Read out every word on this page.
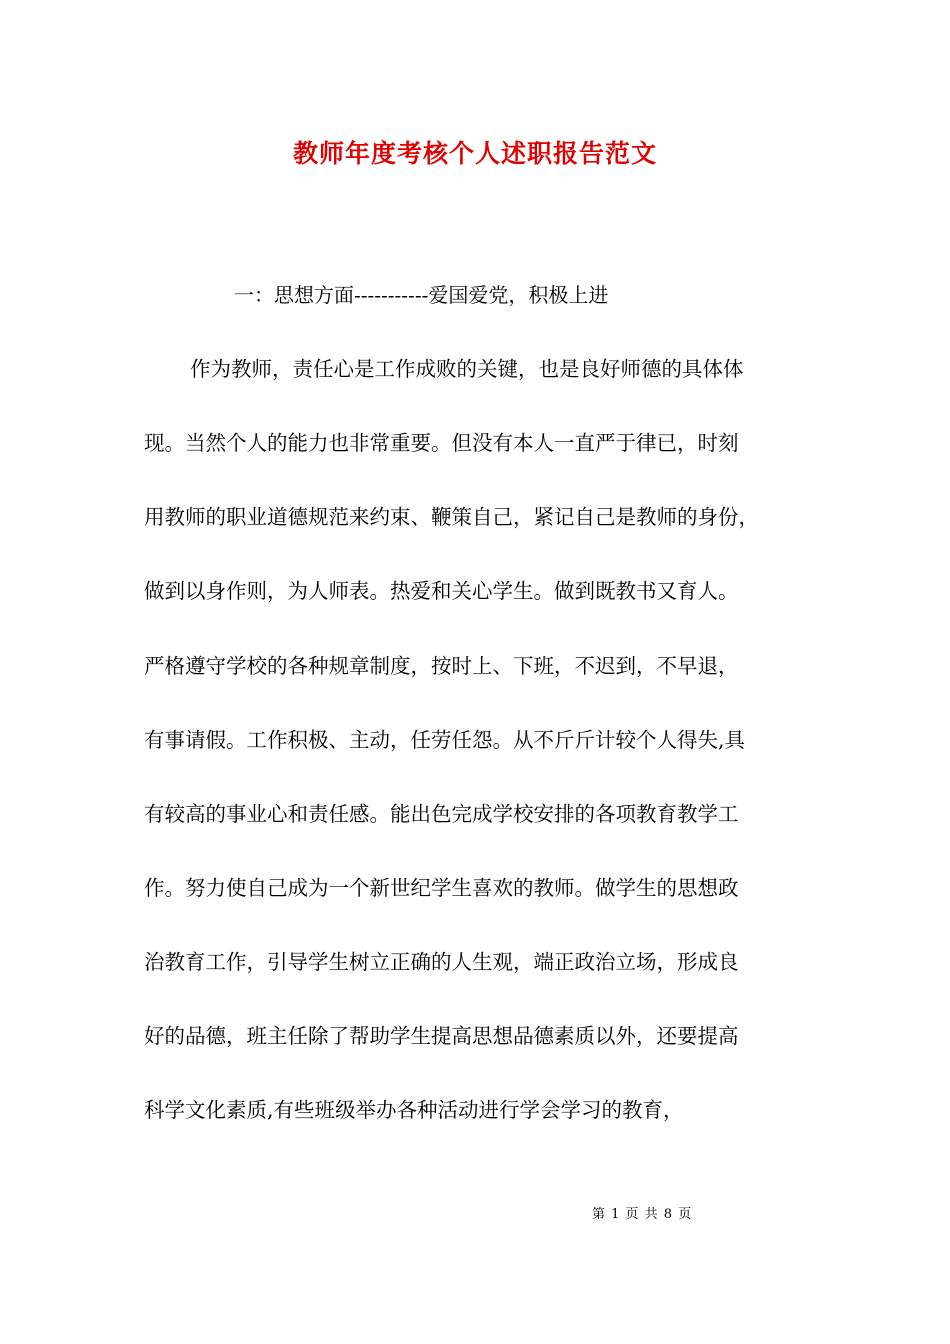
教师年度考核个人述职报告范文
一：思想方面-----------爱国爱党，积极上进
作为教师，责任心是工作成败的关键，也是良好师德的具体体
现。当然个人的能力也非常重要。但没有本人一直严于律已，时刻
用教师的职业道德规范来约束、鞭策自己，紧记自己是教师的身份，
做到以身作则，为人师表。热爱和关心学生。做到既教书又育人。
严格遵守学校的各种规章制度，按时上、下班，不迟到，不早退，
有事请假。工作积极、主动，任劳任怨。从不斤斤计较个人得失,具
有较高的事业心和责任感。能出色完成学校安排的各项教育教学工
作。努力使自己成为一个新世纪学生喜欢的教师。做学生的思想政
治教育工作，引导学生树立正确的人生观，端正政治立场，形成良
好的品德，班主任除了帮助学生提高思想品德素质以外，还要提高
科学文化素质,有些班级举办各种活动进行学会学习的教育，
第 1 页 共 8 页
